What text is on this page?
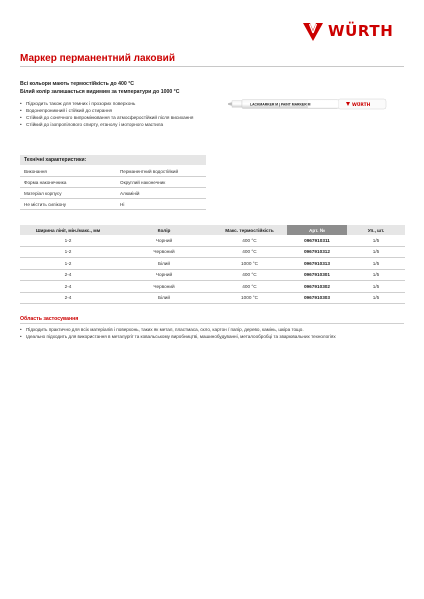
WÜRTH
Маркер перманентний лаковий
Всі кольори мають термостійкість до 400 °С
Білий колір залишається видимим за температури до 1000 °С
• Підходить також для темних і прозорих поверхонь
• Водонепроникний і стійкий до стирання
• Стійкий до сонячного випромінювання та атмосферостійкий після висихання
• Стійкий до ізопропілового спирту, етанолу і моторного мастила
LACKMARKER M | PAINT MARKER M	WÜRTH
Технічні характеристики:
Виконання	Перманентний водостійкий
Форма наконечника	Округлий наконечник
Матеріал корпусу	Алюміній
Не містить силікону	Ні
Ширина лінії, мін./макс., мм	Колір	Макс. термостійкість	Арт. №	Уп., шт.
1-2	Чорний	400 °C	0967910311	1/5
1-2	Червоний	400 °C	0967910312	1/5
1-2	Білий	1000 °C	0967910313	1/5
2-4	Чорний	400 °C	0967910301	1/5
2-4	Червоний	400 °C	0967910302	1/5
2-4	Білий	1000 °C	0967910303	1/5
Область застосування
• Підходить практично для всіх матеріалів і поверхонь, таких як метал, пластмаса, скло, картон / папір, дерево, камінь, шкіра тощо.
• Ідеально підходить для використання в металургії та ковальському виробництві, машинобудуванні, металообробці та зварювальних технологіях
